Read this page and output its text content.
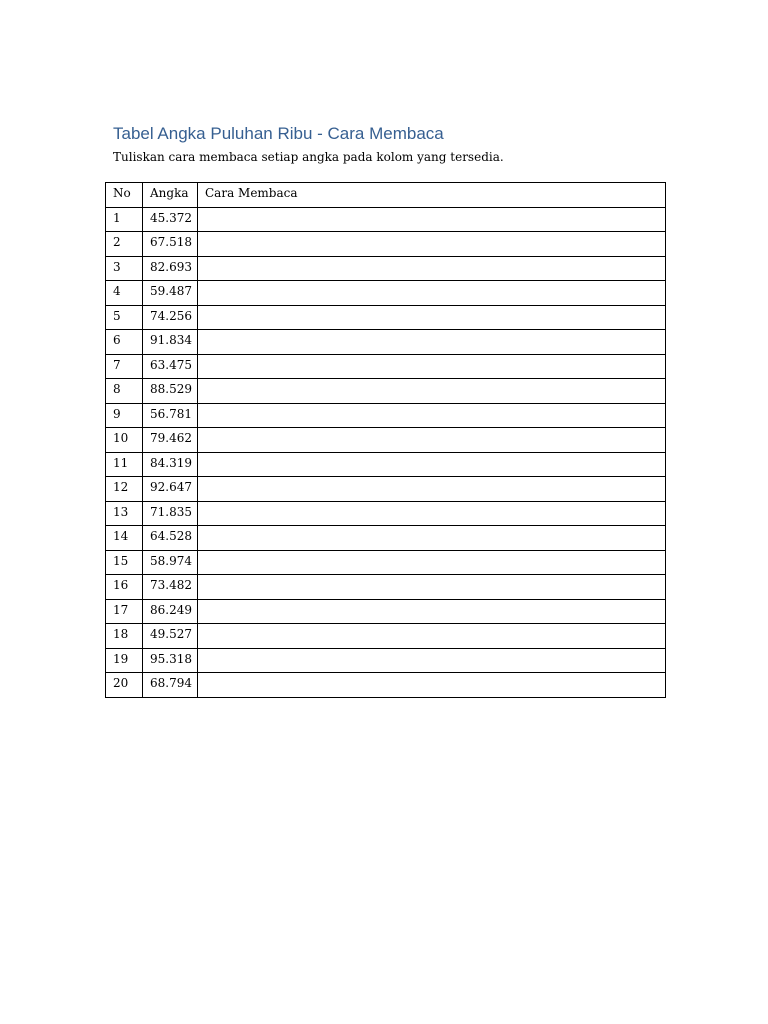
Tabel Angka Puluhan Ribu - Cara Membaca
Tuliskan cara membaca setiap angka pada kolom yang tersedia.
No	Angka	Cara Membaca
1	45.372	
2	67.518	
3	82.693	
4	59.487	
5	74.256	
6	91.834	
7	63.475	
8	88.529	
9	56.781	
10	79.462	
11	84.319	
12	92.647	
13	71.835	
14	64.528	
15	58.974	
16	73.482	
17	86.249	
18	49.527	
19	95.318	
20	68.794	
